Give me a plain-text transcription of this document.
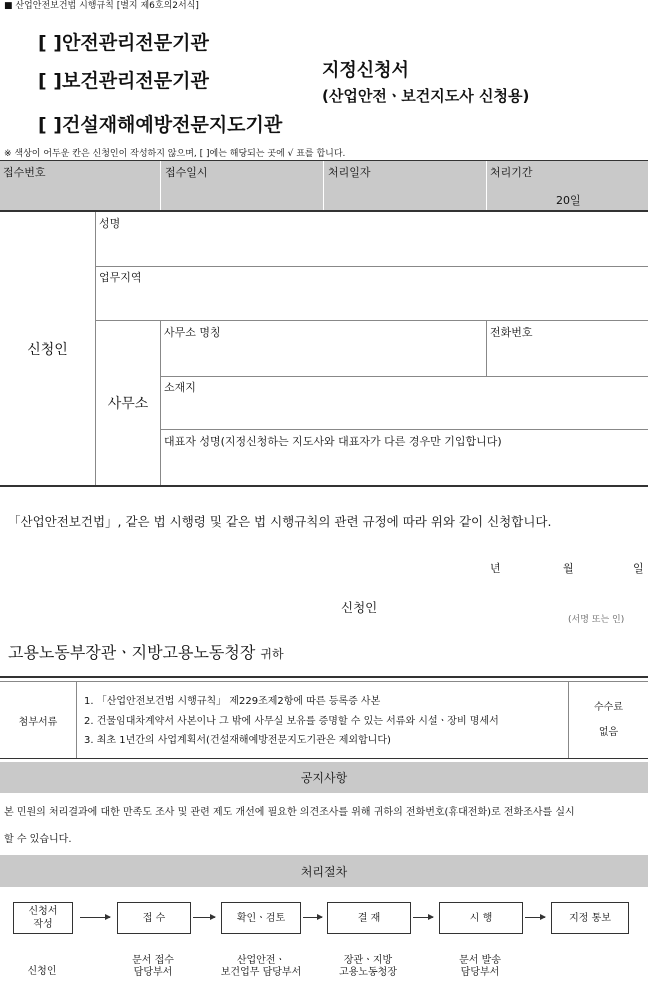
■ 산업안전보건법 시행규칙 [별지 제6호의2서식]
[ ]안전관리전문기관
[ ]보건관리전문기관
[ ]건설재해예방전문지도기관
지정신청서
(산업안전ㆍ보건지도사 신청용)
※ 색상이 어두운 칸은 신청인이 작성하지 않으며, [ ]에는 해당되는 곳에 √ 표를 합니다.
접수번호	접수일시	처리일자	처리기간
20일
신청인
성명
업무지역
사무소
사무소 명칭	전화번호
소재지
대표자 성명(지정신청하는 지도사와 대표자가 다른 경우만 기입합니다)
「산업안전보건법」, 같은 법 시행령 및 같은 법 시행규칙의 관련 규정에 따라 위와 같이 신청합니다.
년	월	일
신청인
(서명 또는 인)
고용노동부장관ㆍ지방고용노동청장 귀하
첨부서류
1. 「산업안전보건법 시행규칙」 제229조제2항에 따른 등록증 사본
2. 건물임대차계약서 사본이나 그 밖에 사무실 보유를 증명할 수 있는 서류와 시설ㆍ장비 명세서
3. 최초 1년간의 사업계획서(건설재해예방전문지도기관은 제외합니다)
수수료
없음
공지사항
본 민원의 처리결과에 대한 만족도 조사 및 관련 제도 개선에 필요한 의견조사를 위해 귀하의 전화번호(휴대전화)로 전화조사를 실시
할 수 있습니다.
처리절차
신청서
작성
접 수	확인ㆍ검토	결 재	시 행	지정 통보
신청인
문서 접수
담당부서
산업안전ㆍ
보건업무 담당부서
장관ㆍ지방
고용노동청장
문서 발송
담당부서
